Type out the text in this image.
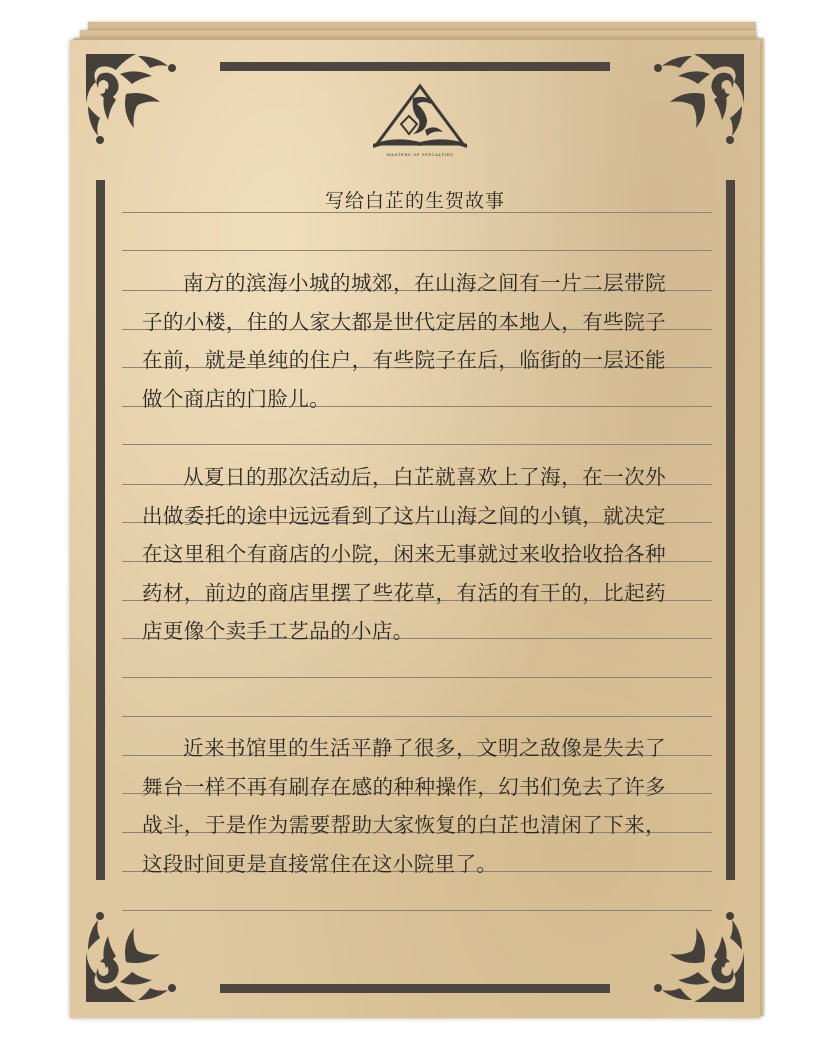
MASTERS OF SPECALTIES
写给白芷的生贺故事
南方的滨海小城的城郊，在山海之间有一片二层带院子的小楼，住的人家大都是世代定居的本地人，有些院子在前，就是单纯的住户，有些院子在后，临街的一层还能做个商店的门脸儿。
从夏日的那次活动后，白芷就喜欢上了海，在一次外出做委托的途中远远看到了这片山海之间的小镇，就决定在这里租个有商店的小院，闲来无事就过来收拾收拾各种药材，前边的商店里摆了些花草，有活的有干的，比起药店更像个卖手工艺品的小店。
近来书馆里的生活平静了很多，文明之敌像是失去了舞台一样不再有刷存在感的种种操作，幻书们免去了许多战斗，于是作为需要帮助大家恢复的白芷也清闲了下来，这段时间更是直接常住在这小院里了。
